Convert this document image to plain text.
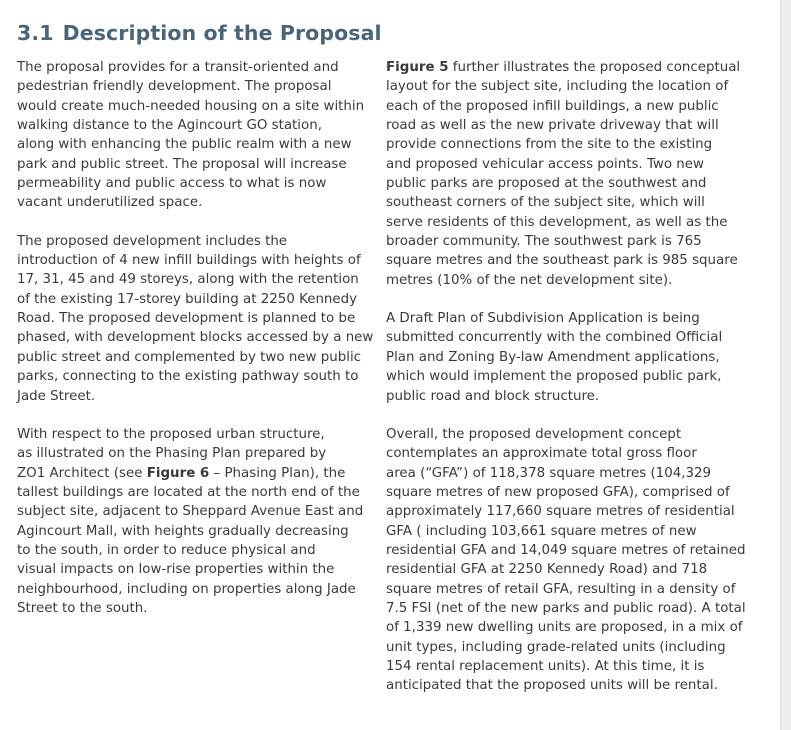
3.1 Description of the Proposal

The proposal provides for a transit-oriented and
pedestrian friendly development. The proposal
would create much-needed housing on a site within
walking distance to the Agincourt GO station,
along with enhancing the public realm with a new
park and public street. The proposal will increase
permeability and public access to what is now
vacant underutilized space.

The proposed development includes the
introduction of 4 new infill buildings with heights of
17, 31, 45 and 49 storeys, along with the retention
of the existing 17-storey building at 2250 Kennedy
Road. The proposed development is planned to be
phased, with development blocks accessed by a new
public street and complemented by two new public
parks, connecting to the existing pathway south to
Jade Street.

With respect to the proposed urban structure,
as illustrated on the Phasing Plan prepared by
ZO1 Architect (see Figure 6 – Phasing Plan), the
tallest buildings are located at the north end of the
subject site, adjacent to Sheppard Avenue East and
Agincourt Mall, with heights gradually decreasing
to the south, in order to reduce physical and
visual impacts on low-rise properties within the
neighbourhood, including on properties along Jade
Street to the south.

Figure 5 further illustrates the proposed conceptual
layout for the subject site, including the location of
each of the proposed infill buildings, a new public
road as well as the new private driveway that will
provide connections from the site to the existing
and proposed vehicular access points. Two new
public parks are proposed at the southwest and
southeast corners of the subject site, which will
serve residents of this development, as well as the
broader community. The southwest park is 765
square metres and the southeast park is 985 square
metres (10% of the net development site).

A Draft Plan of Subdivision Application is being
submitted concurrently with the combined Official
Plan and Zoning By-law Amendment applications,
which would implement the proposed public park,
public road and block structure.

Overall, the proposed development concept
contemplates an approximate total gross floor
area (“GFA”) of 118,378 square metres (104,329
square metres of new proposed GFA), comprised of
approximately 117,660 square metres of residential
GFA ( including 103,661 square metres of new
residential GFA and 14,049 square metres of retained
residential GFA at 2250 Kennedy Road) and 718
square metres of retail GFA, resulting in a density of
7.5 FSI (net of the new parks and public road). A total
of 1,339 new dwelling units are proposed, in a mix of
unit types, including grade-related units (including
154 rental replacement units). At this time, it is
anticipated that the proposed units will be rental.
